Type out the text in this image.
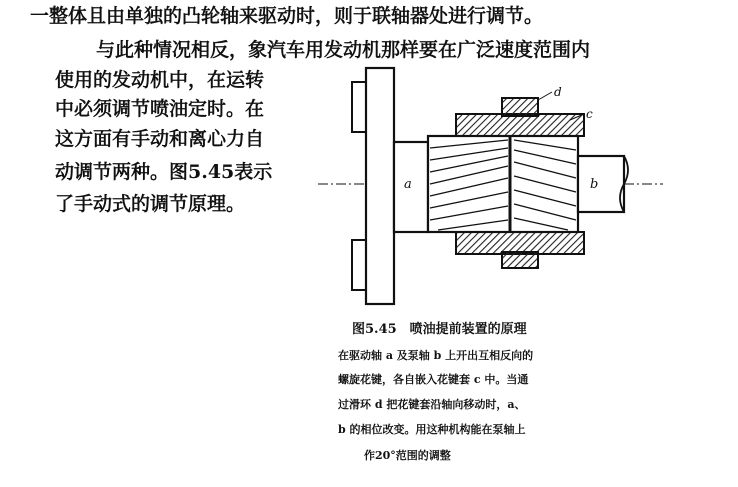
一整体且由单独的凸轮轴来驱动时，则于联轴器处进行调节。
与此种情况相反，象汽车用发动机那样要在广泛速度范围内
使用的发动机中，在运转
中必须调节喷油定时。在
这方面有手动和离心力自
动调节两种。图5.45表示
了手动式的调节原理。
a	b
c
d
图5.45　喷油提前装置的原理
在驱动轴 a 及泵轴 b 上开出互相反向的
螺旋花键，各自嵌入花键套 c 中。当通
过滑环 d 把花键套沿轴向移动时，a、
b 的相位改变。用这种机构能在泵轴上
作20°范围的调整
